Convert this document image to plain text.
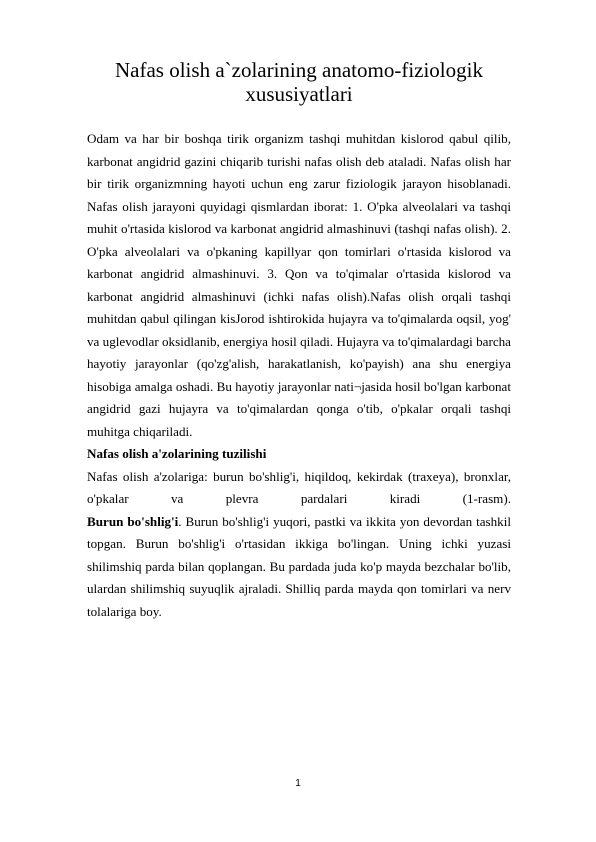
Nafas olish a`zolarining anatomo-fiziologik xususiyatlari

Odam va har bir boshqa tirik organizm tashqi muhitdan kislorod qabul qilib, karbonat angidrid gazini chiqarib turishi nafas olish deb ataladi. Nafas olish har bir tirik organizmning hayoti uchun eng zarur fiziologik jarayon hisoblanadi. Nafas olish jarayoni quyidagi qismlardan iborat: 1. O'pka alveolalari va tashqi muhit o'rtasida kislorod va karbonat angidrid almashinuvi (tashqi nafas olish). 2. O'pka alveolalari va o'pkaning kapillyar qon tomirlari o'rtasida kislorod va karbonat angidrid almashinuvi. 3. Qon va to'qimalar o'rtasida kislorod va karbonat angidrid almashinuvi (ichki nafas olish).Nafas olish orqali tashqi muhitdan qabul qilingan kisJorod ishtirokida hujayra va to'qimalarda oqsil, yog' va uglevodlar oksidlanib, energiya hosil qiladi. Hujayra va to'qimalardagi barcha hayotiy jarayonlar (qo'zg'alish, harakatlanish, ko'payish) ana shu energiya hisobiga amalga oshadi. Bu hayotiy jarayonlar nati¬jasida hosil bo'lgan karbonat angidrid gazi hujayra va to'qimalardan qonga o'tib, o'pkalar orqali tashqi muhitga chiqariladi.

Nafas olish a'zolarining tuzilishi

Nafas olish a'zolariga: burun bo'shlig'i, hiqildoq, kekirdak (traxeya), bronxlar, o'pkalar va plevra pardalari kiradi (1-rasm).

Burun bo'shlig'i. Burun bo'shlig'i yuqori, pastki va ikkita yon devordan tashkil topgan. Burun bo'shlig'i o'rtasidan ikkiga bo'lingan. Uning ichki yuzasi shilimshiq parda bilan qoplangan. Bu pardada juda ko'p mayda bezchalar bo'lib, ulardan shilimshiq suyuqlik ajraladi. Shilliq parda mayda qon tomirlari va nerv tolalariga boy.

1
